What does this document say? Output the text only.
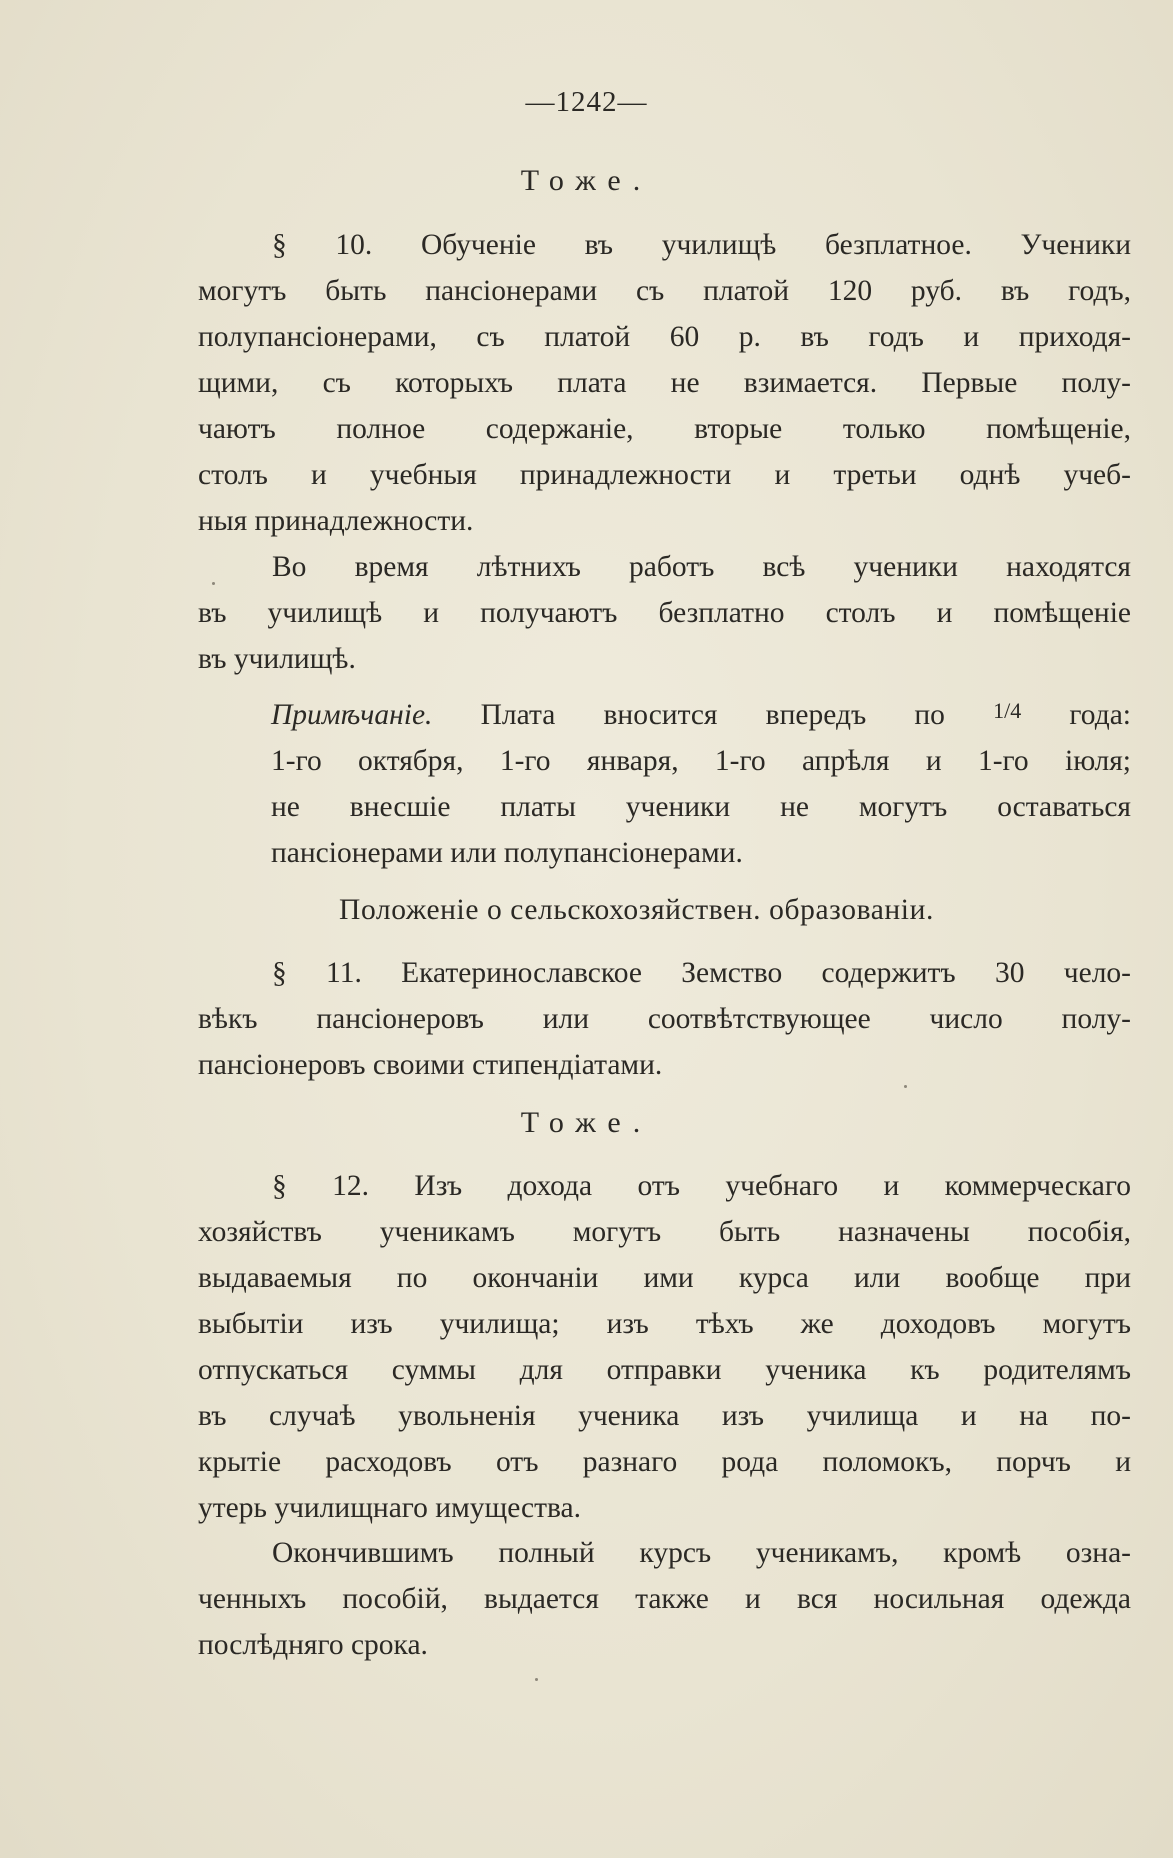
—1242—
Тоже.
§ 10. Обученіе въ училищѣ безплатное. Ученики
могутъ быть пансіонерами съ платой 120 руб. въ годъ,
полупансіонерами, съ платой 60 р. въ годъ и приходя-
щими, съ которыхъ плата не взимается. Первые полу-
чаютъ полное содержаніе, вторые только помѣщеніе,
столъ и учебныя принадлежности и третьи однѣ учеб-
ныя принадлежности.
Во время лѣтнихъ работъ всѣ ученики находятся
въ училищѣ и получаютъ безплатно столъ и помѣщеніе
въ училищѣ.
Примѣчаніе. Плата вносится впередъ по $^{1/4}$ года:
1-го октября, 1-го января, 1-го апрѣля и 1-го іюля;
не внесшіе платы ученики не могутъ оставаться
пансіонерами или полупансіонерами.
Положеніе о сельскохозяйствен. образованіи.
§ 11. Екатеринославское Земство содержитъ 30 чело-
вѣкъ пансіонеровъ или соотвѣтствующее число полу-
пансіонеровъ своими стипендіатами.
Тоже.
§ 12. Изъ дохода отъ учебнаго и коммерческаго
хозяйствъ ученикамъ могутъ быть назначены пособія,
выдаваемыя по окончаніи ими курса или вообще при
выбытіи изъ училища; изъ тѣхъ же доходовъ могутъ
отпускаться суммы для отправки ученика къ родителямъ
въ случаѣ увольненія ученика изъ училища и на по-
крытіе расходовъ отъ разнаго рода поломокъ, порчъ и
утерь училищнаго имущества.
Окончившимъ полный курсъ ученикамъ, кромѣ озна-
ченныхъ пособій, выдается также и вся носильная одежда
послѣдняго срока.
